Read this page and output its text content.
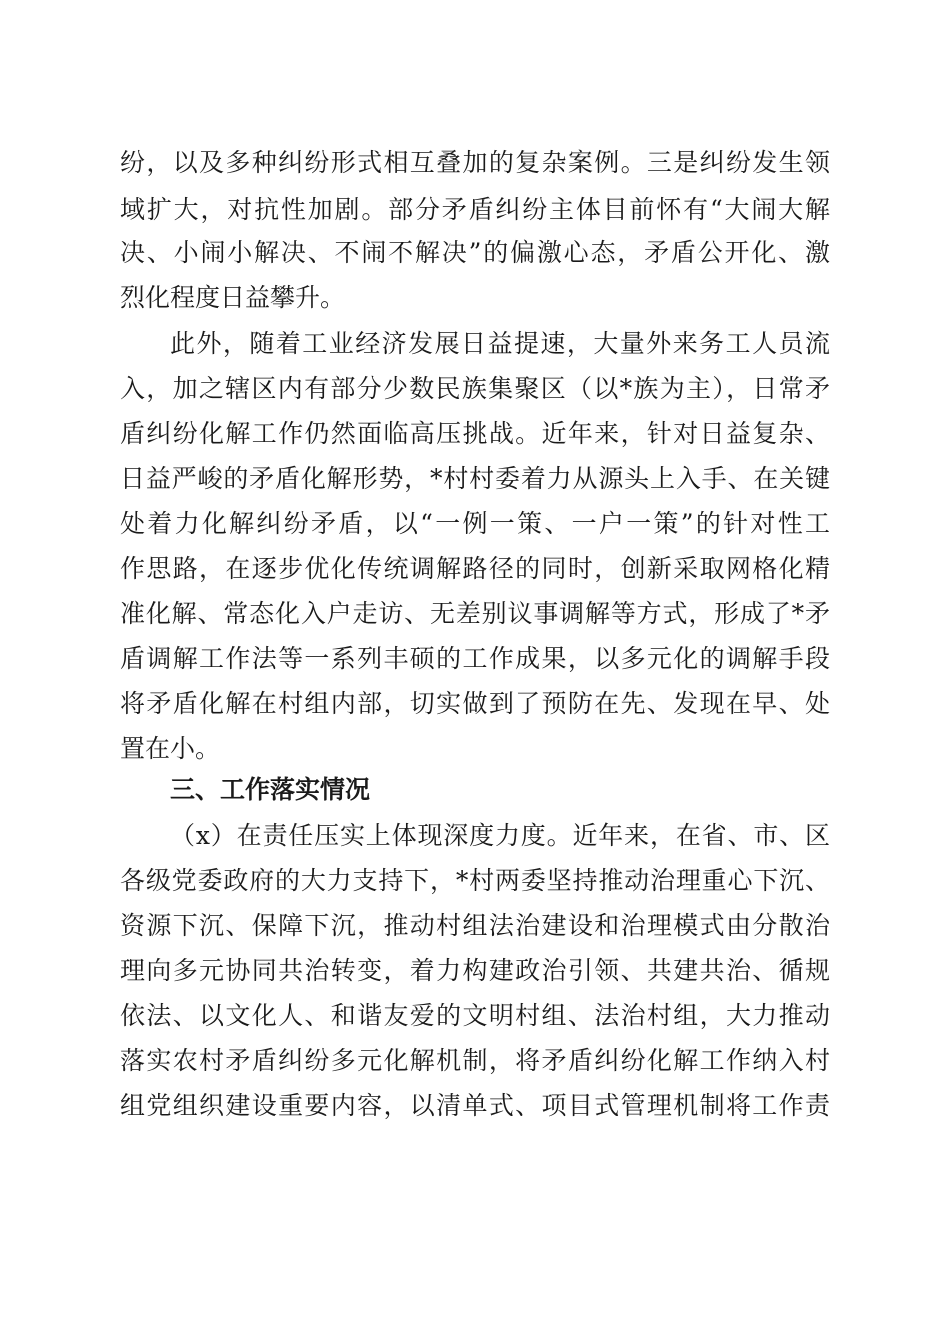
纷，以及多种纠纷形式相互叠加的复杂案例。三是纠纷发生领
域扩大，对抗性加剧。部分矛盾纠纷主体目前怀有“大闹大解
决、小闹小解决、不闹不解决”的偏激心态，矛盾公开化、激
烈化程度日益攀升。
此外，随着工业经济发展日益提速，大量外来务工人员流
入，加之辖区内有部分少数民族集聚区（以*族为主），日常矛
盾纠纷化解工作仍然面临高压挑战。近年来，针对日益复杂、
日益严峻的矛盾化解形势，*村村委着力从源头上入手、在关键
处着力化解纠纷矛盾，以“一例一策、一户一策”的针对性工
作思路，在逐步优化传统调解路径的同时，创新采取网格化精
准化解、常态化入户走访、无差别议事调解等方式，形成了*矛
盾调解工作法等一系列丰硕的工作成果，以多元化的调解手段
将矛盾化解在村组内部，切实做到了预防在先、发现在早、处
置在小。
三、工作落实情况
（x）在责任压实上体现深度力度。近年来，在省、市、区
各级党委政府的大力支持下，*村两委坚持推动治理重心下沉、
资源下沉、保障下沉，推动村组法治建设和治理模式由分散治
理向多元协同共治转变，着力构建政治引领、共建共治、循规
依法、以文化人、和谐友爱的文明村组、法治村组，大力推动
落实农村矛盾纠纷多元化解机制，将矛盾纠纷化解工作纳入村
组党组织建设重要内容，以清单式、项目式管理机制将工作责
